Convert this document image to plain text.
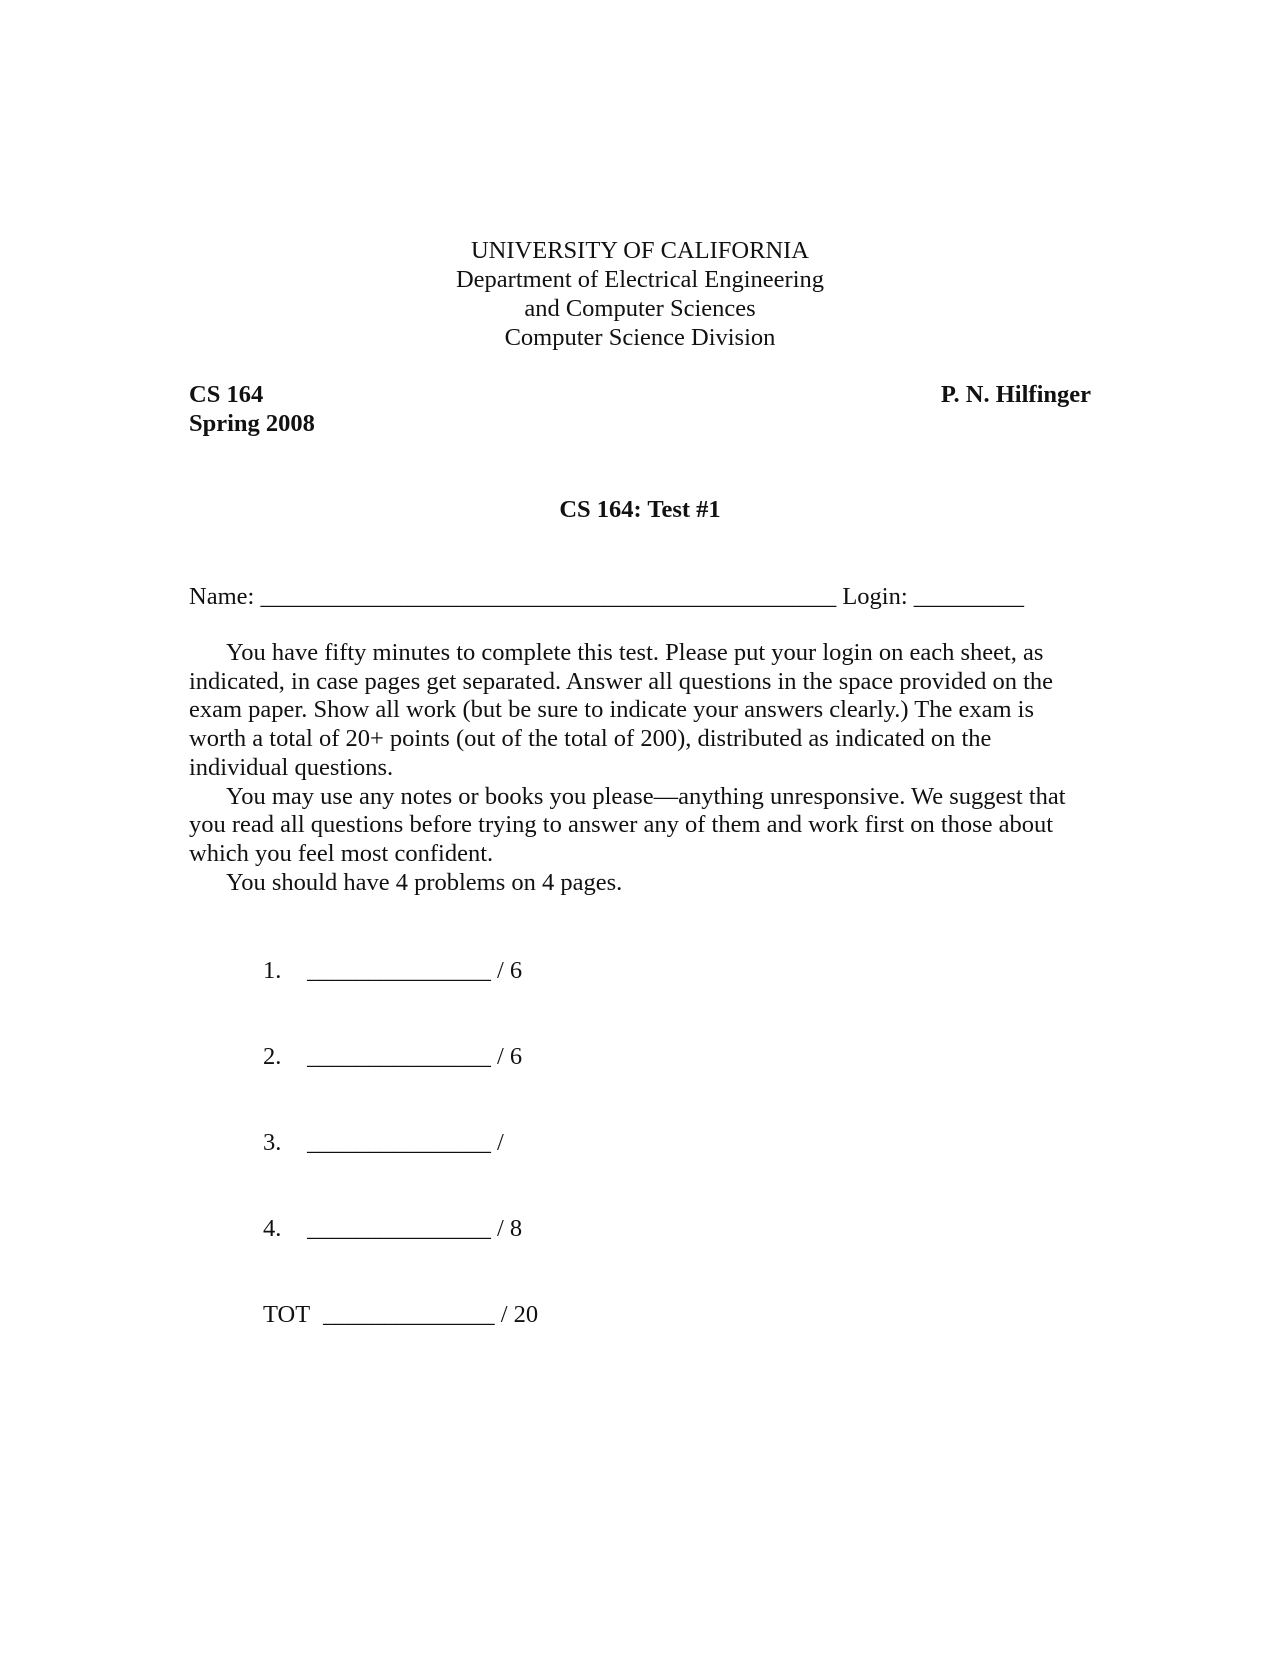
UNIVERSITY OF CALIFORNIA
Department of Electrical Engineering
and Computer Sciences
Computer Science Division
CS 164
Spring 2008
P. N. Hilfinger
CS 164: Test #1
Name: _______________________________________________ Login: _________

You have fifty minutes to complete this test. Please put your login on each sheet, as indicated, in case pages get separated. Answer all questions in the space provided on the exam paper. Show all work (but be sure to indicate your answers clearly.) The exam is worth a total of 20+ points (out of the total of 200), distributed as indicated on the individual questions.

You may use any notes or books you please—anything unresponsive. We suggest that you read all questions before trying to answer any of them and work first on those about which you feel most confident.

You should have 4 problems on 4 pages.

1. _______________ / 6
2. _______________ / 6
3. _______________ /
4. _______________ / 8
TOT ______________ / 20
